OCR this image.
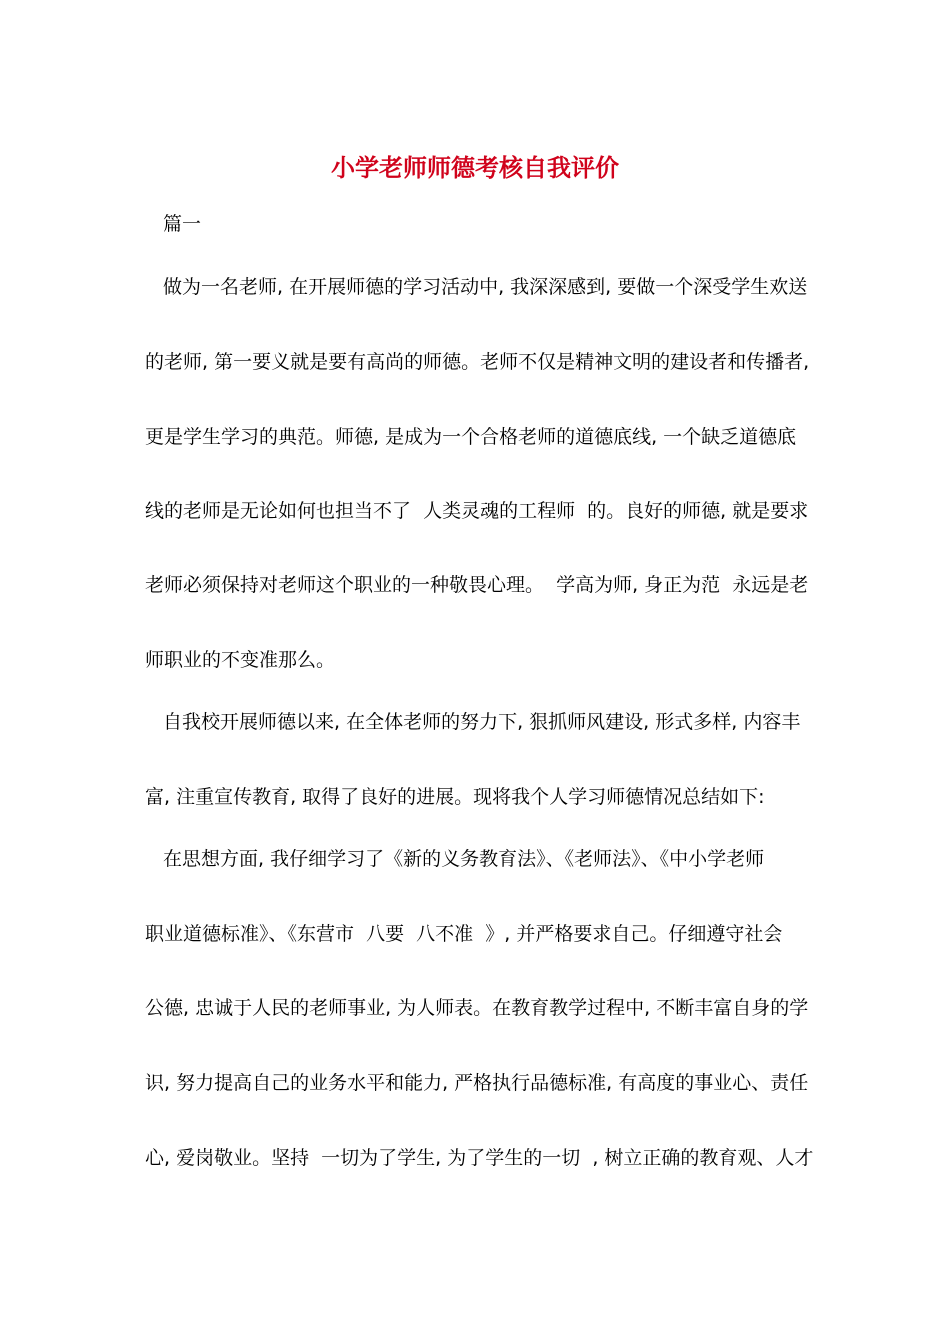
小学老师师德考核自我评价
篇一
做为一名老师, 在开展师德的学习活动中, 我深深感到, 要做一个深受学生欢送
的老师, 第一要义就是要有高尚的师德。老师不仅是精神文明的建设者和传播者,
更是学生学习的典范。师德, 是成为一个合格老师的道德底线, 一个缺乏道德底
线的老师是无论如何也担当不了  人类灵魂的工程师  的。良好的师德, 就是要求
老师必须保持对老师这个职业的一种敬畏心理。  学高为师, 身正为范  永远是老
师职业的不变准那么。
自我校开展师德以来, 在全体老师的努力下, 狠抓师风建设, 形式多样, 内容丰
富, 注重宣传教育, 取得了良好的进展。现将我个人学习师德情况总结如下:
在思想方面, 我仔细学习了《新的义务教育法》、《老师法》、《中小学老师
职业道德标准》、《东营市  八要  八不准  》, 并严格要求自己。仔细遵守社会
公德, 忠诚于人民的老师事业, 为人师表。在教育教学过程中, 不断丰富自身的学
识, 努力提高自己的业务水平和能力, 严格执行品德标准, 有高度的事业心、责任
心, 爱岗敬业。坚持  一切为了学生, 为了学生的一切  , 树立正确的教育观、人才
